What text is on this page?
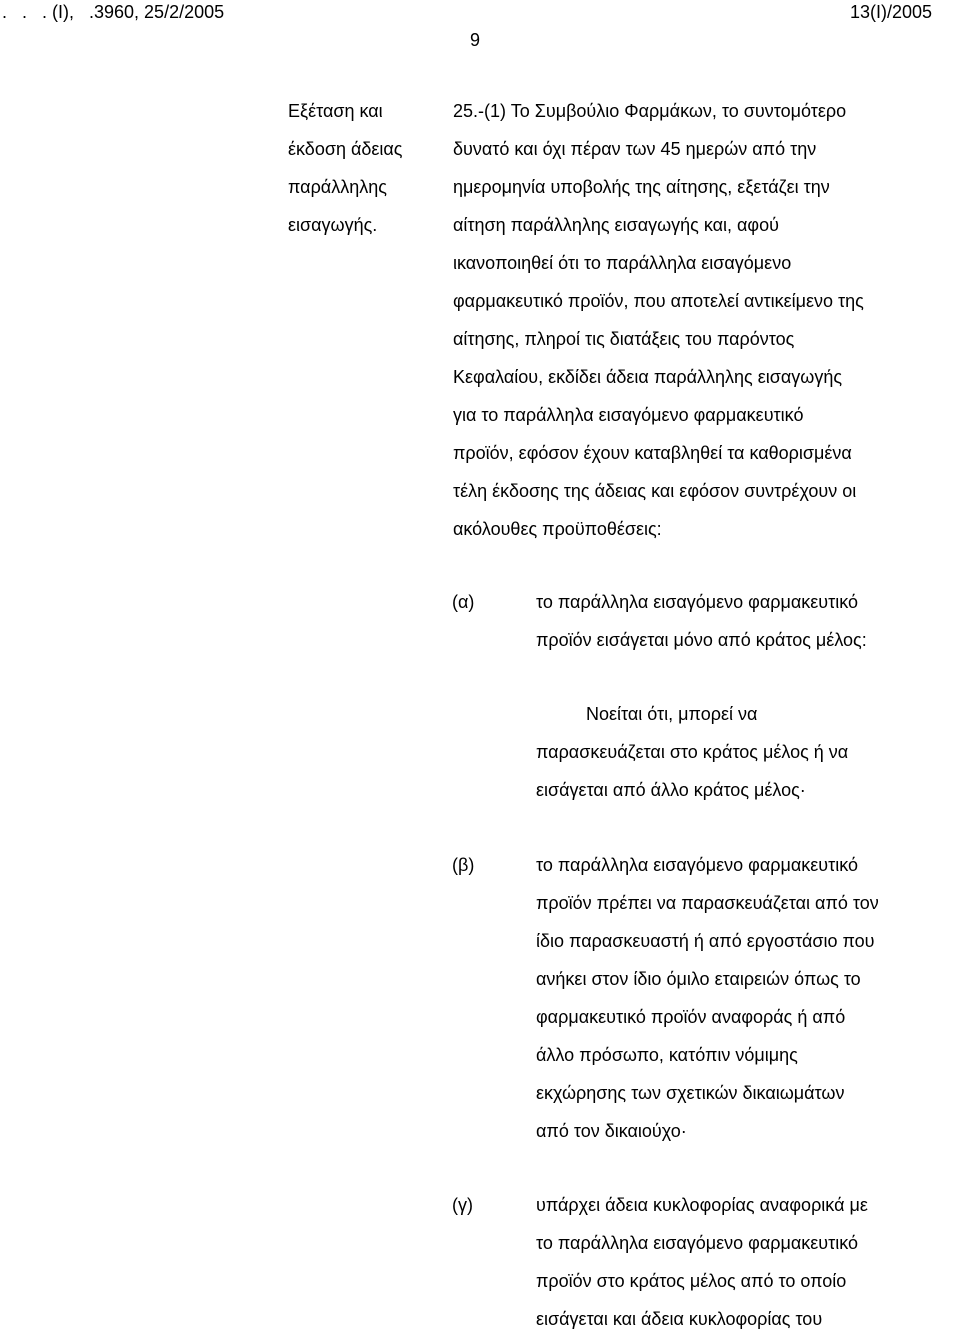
.   .   . (Ι),   .3960, 25/2/2005	13(Ι)/2005
9
Εξέταση και
έκδοση άδειας
παράλληλης
εισαγωγής.
25.-(1) Το Συμβούλιο Φαρμάκων, το συντομότερο
δυνατό και όχι πέραν των 45 ημερών από την
ημερομηνία υποβολής της αίτησης, εξετάζει την
αίτηση παράλληλης εισαγωγής και, αφού
ικανοποιηθεί ότι το παράλληλα εισαγόμενο
φαρμακευτικό προϊόν, που αποτελεί αντικείμενο της
αίτησης, πληροί τις διατάξεις του παρόντος
Κεφαλαίου, εκδίδει άδεια παράλληλης εισαγωγής
για το παράλληλα εισαγόμενο φαρμακευτικό
προϊόν, εφόσον έχουν καταβληθεί τα καθορισμένα
τέλη έκδοσης της άδειας και εφόσον συντρέχουν οι
ακόλουθες προϋποθέσεις:
(α)	το παράλληλα εισαγόμενο φαρμακευτικό
προϊόν εισάγεται μόνο από κράτος μέλος:
Νοείται ότι, μπορεί να
παρασκευάζεται στο κράτος μέλος ή να
εισάγεται από άλλο κράτος μέλος·
(β)	το παράλληλα εισαγόμενο φαρμακευτικό
προϊόν πρέπει να παρασκευάζεται από τον
ίδιο παρασκευαστή ή από εργοστάσιο που
ανήκει στον ίδιο όμιλο εταιρειών όπως το
φαρμακευτικό προϊόν αναφοράς ή από
άλλο πρόσωπο, κατόπιν νόμιμης
εκχώρησης των σχετικών δικαιωμάτων
από τον δικαιούχο·
(γ)	υπάρχει άδεια κυκλοφορίας αναφορικά με
το παράλληλα εισαγόμενο φαρμακευτικό
προϊόν στο κράτος μέλος από το οποίο
εισάγεται και άδεια κυκλοφορίας του
